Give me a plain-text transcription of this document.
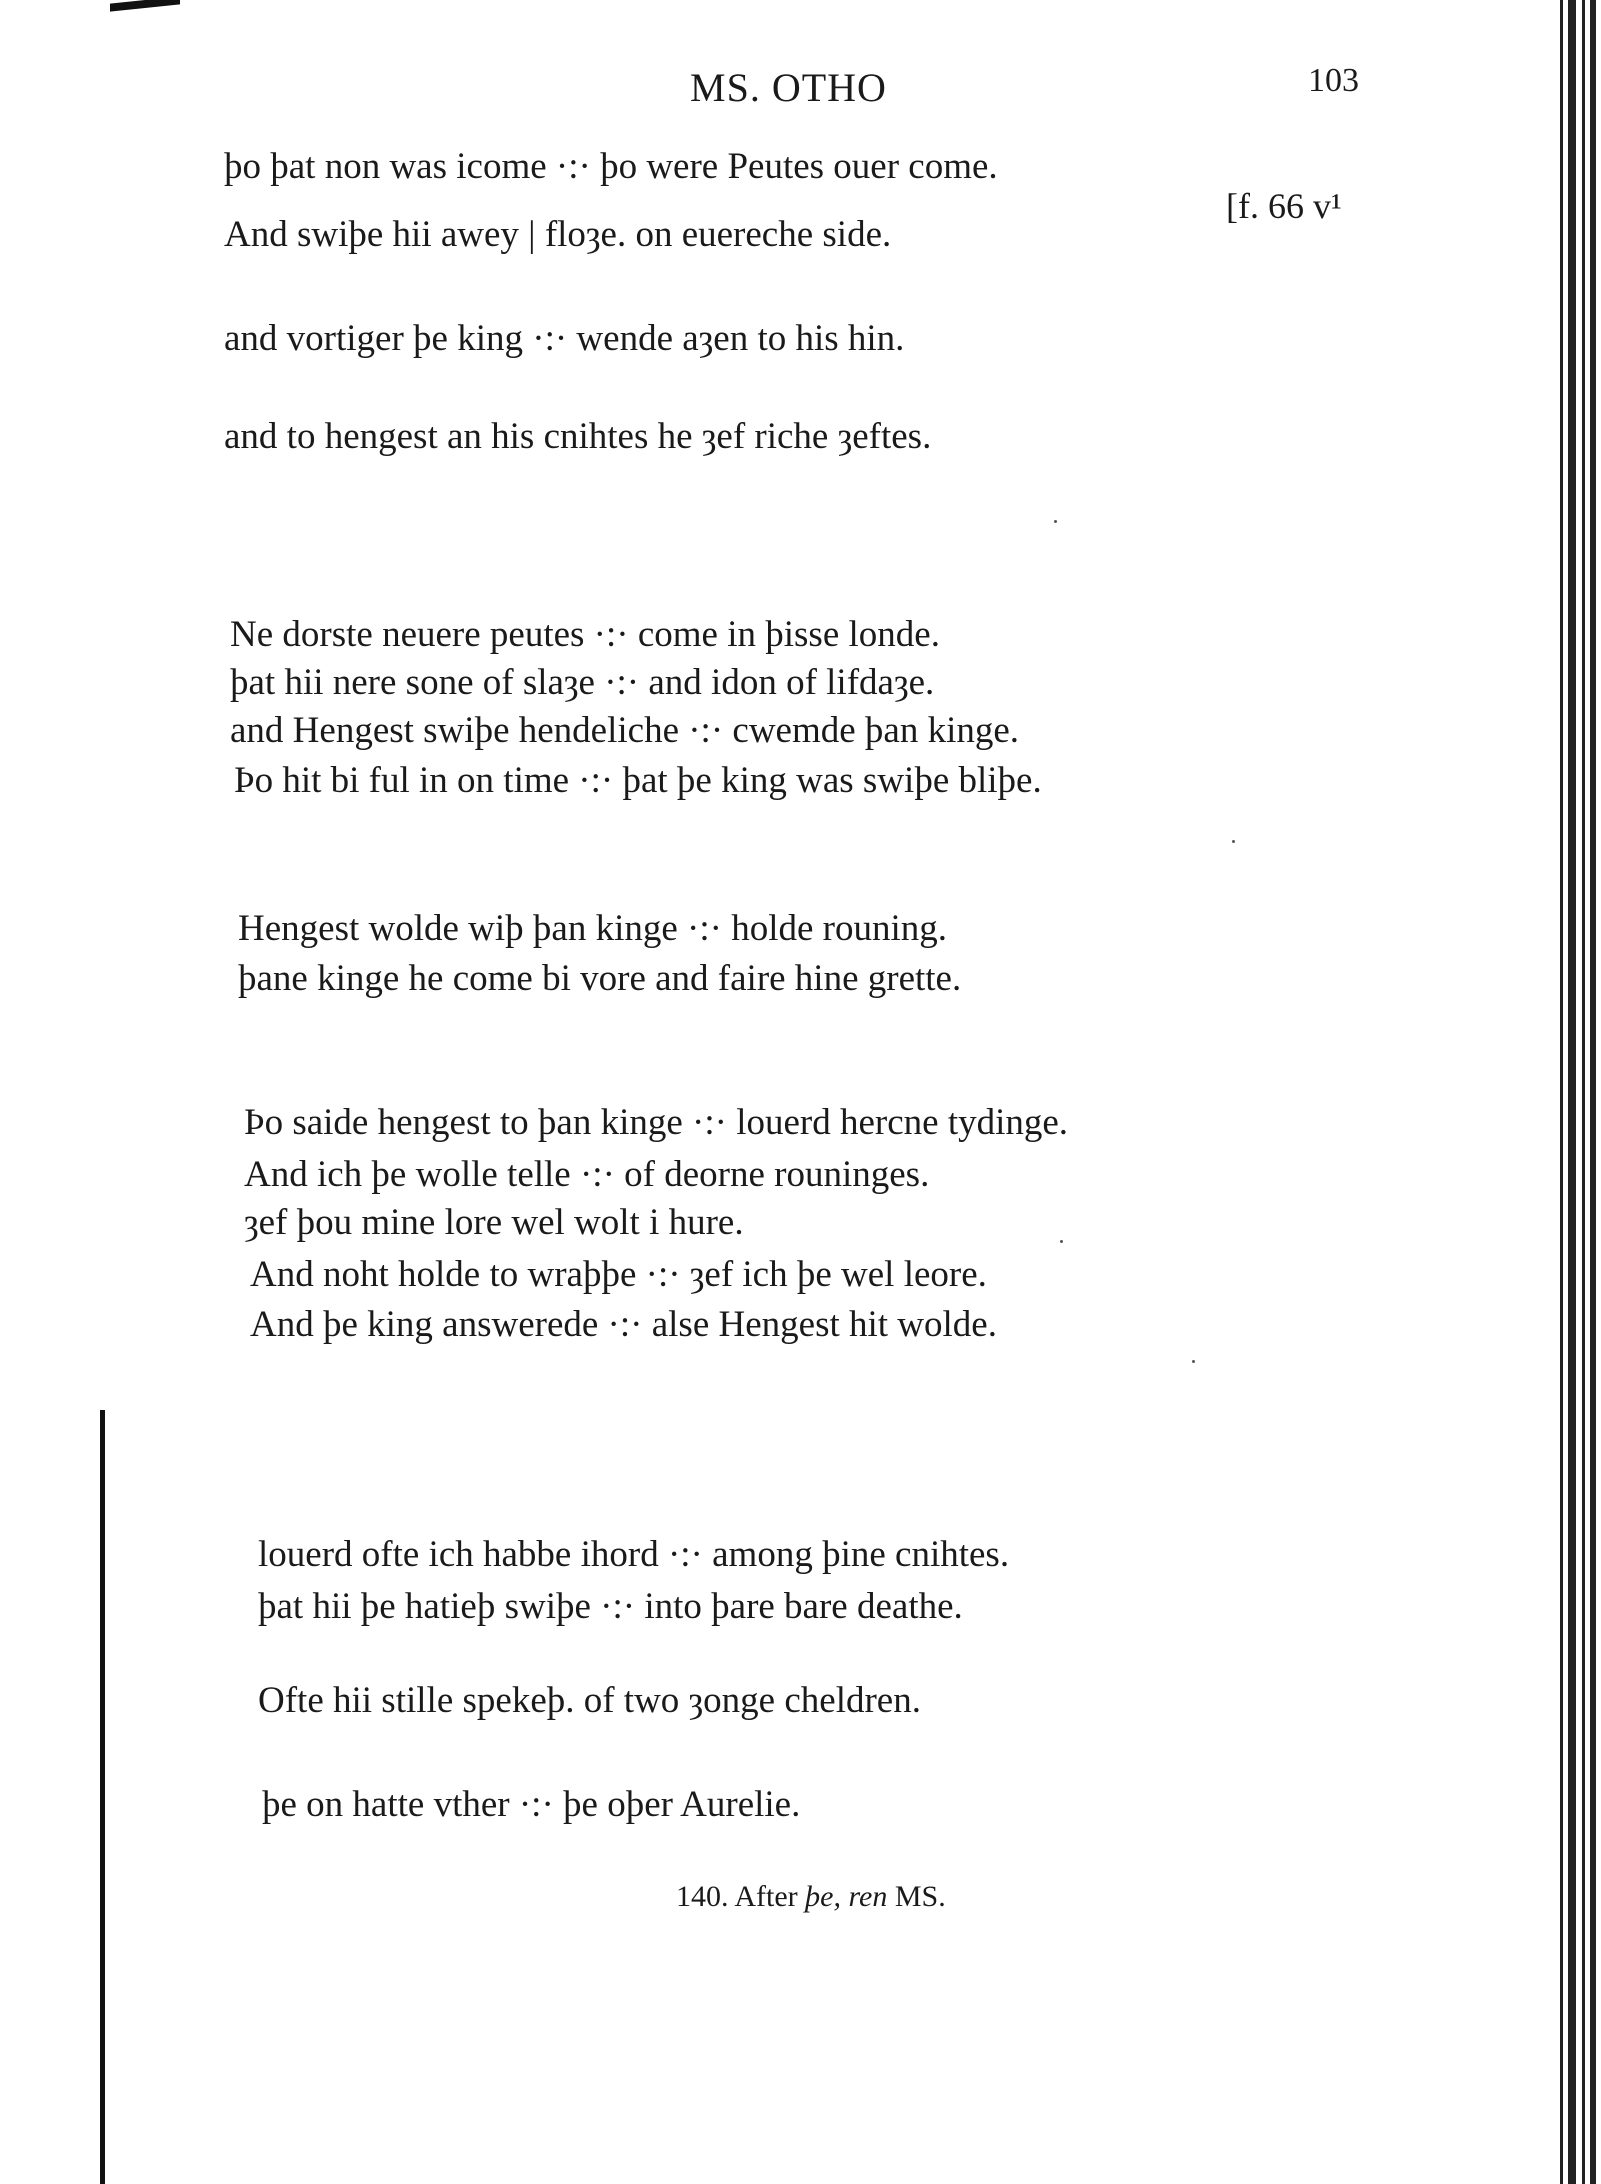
MS. OTHO	103
[f. 66 v¹
þo þat non was icome ·:· þo were Peutes ouer come.
And swiþe hii awey | floȝe. on euereche side.
and vortiger þe king ·:· wende aȝen to his hin.
and to hengest an his cnihtes he ȝef riche ȝeftes.
Ne dorste neuere peutes ·:· come in þisse londe.
þat hii nere sone of slaȝe ·:· and idon of lifdaȝe.
and Hengest swiþe hendeliche ·:· cwemde þan kinge.
Þo hit bi ful in on time ·:· þat þe king was swiþe bliþe.
Hengest wolde wiþ þan kinge ·:· holde rouning.
þane kinge he come bi vore and faire hine grette.
Þo saide hengest to þan kinge ·:· louerd hercne tydinge.
And ich þe wolle telle ·:· of deorne rouninges.
ȝef þou mine lore wel wolt i hure.
And noht holde to wraþþe ·:· ȝef ich þe wel leore.
And þe king answerede ·:· alse Hengest hit wolde.
louerd ofte ich habbe ihord ·:· among þine cnihtes.
þat hii þe hatieþ swiþe ·:· into þare bare deathe.
Ofte hii stille spekeþ. of two ȝonge cheldren.
þe on hatte vther ·:· þe oþer Aurelie.
140. After þe, ren MS.
